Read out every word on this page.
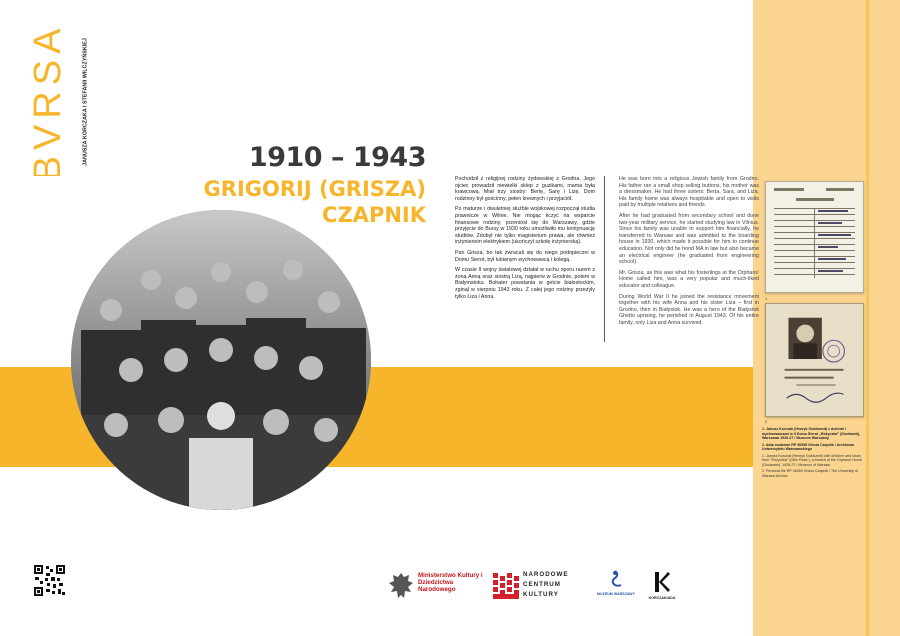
BVRSA	JANUSZA KORCZAKA I STEFANII WILCZYŃSKIEJ	1910 – 1943
GRIGORIJ (GRISZA)
CZAPNIK

Pochodził z religijnej rodziny żydowskiej z Grodna. Jego ojciec prowadził niewielki sklep z guzikami, mama była krawcową. Miał trzy siostry: Bertę, Sarę i Lizę. Dom rodzinny był gościnny, pełen krewnych i przyjaciół.

Po maturze i dwuletniej służbie wojskowej rozpoczął studia prawnicze w Wilnie. Nie mogąc liczyć na wsparcie finansowe rodziny, przeniósł się do Warszawy, gdzie przyjęcie do Bursy w 1930 roku umożliwiło mu kontynuację studiów. Zdobył nie tylko magisterium prawa, ale również inżynieriem elektrykiem (ukończył szkołę inżynierską).

Pan Grisza, bo tak zwracali się do niego podopieczni w Domu Sierot, był lubianym wychowawcą i kolegą.

W czasie II wojny światowej działał w ruchu oporu razem z żoną Anną oraz siostrą Lizą, najpierw w Grodnie, potem w Białymstoku. Bohater powstania w getcie białostockim, zginął w sierpniu 1943 roku. Z całej jego rodziny przeżyły tylko Liza i Anna.

He was born into a religious Jewish family from Grodno. His father ran a small shop selling buttons, his mother was a dressmaker. He had three sisters: Berta, Sara, and Liza. His family home was always hospitable and open to visits paid by multiple relatives and friends.

After he had graduated from secondary school and done two-year military service, he started studying law in Vilnius. Since his family was unable to support him financially, he transferred to Warsaw and was admitted to the boarding house in 1930, which made it possible for him to continue education. Not only did he hond MA in law but also became an electrical engineer (he graduated from engineering school).

Mr. Grisza, as this was what his fosterlings at the Orphans' Home called him, was a very popular and much-liked educator and colleague.

During World War II he joined the resistance movement together with his wife Anna and his sister Liza – first in Grodno, then in Białystok. He was a hero of the Białystok Ghetto uprising, he perished in August 1943. Of his entire family, only Liza and Anna survived.

1
2

1. Janusz Korczak (Henryk Goldszmit) z dziećmi i wychowawcami w II Domu Sierot „Różyczka” (Gocławek), Warszawa 1926-27 / Muzeum Warszawy

2. Akta osobowe RP 36059 Grisza Czapnik / Archiwum Uniwersytetu Warszawskiego

1. Janusz Korczak (Henryk Goldszmit) with children and tutors from "Różyczka" (Little Rose"), a branch of the Orphans' Home (Gocławek), 1926-27 / Museum of Warsaw

2. Personal file RP 36059 Grisza Czapnik / The University of Warsaw Archive

Ministerstwo Kultury i Dziedzictwa Narodowego
NARODOWE
CENTRUM
KULTURY	MUZEUM WARSZAWY
KORCZAKIADA
